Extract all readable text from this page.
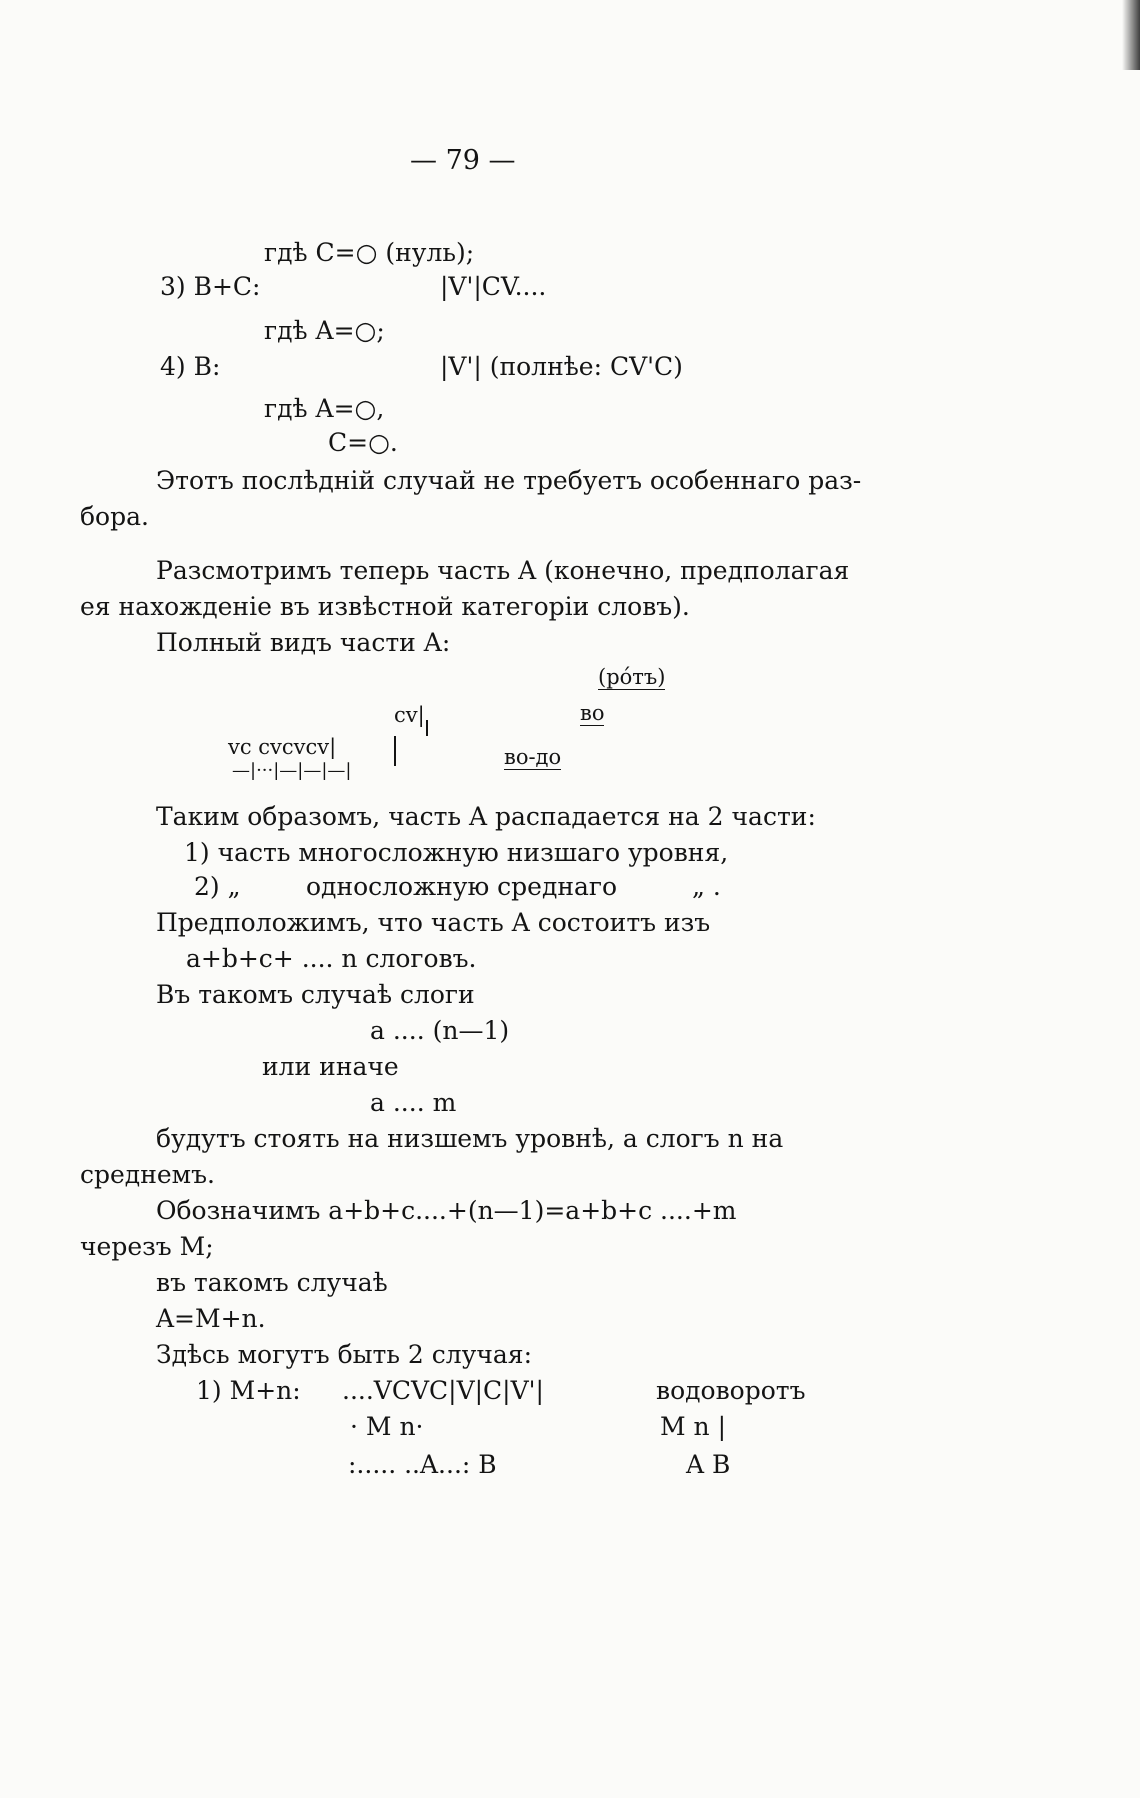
— 79 —
гдѣ C=○ (нуль);
3) B+C:	|V'|CV....
гдѣ A=○;
4) B:	|V'| (полнѣе: CV'C)
гдѣ A=○,
C=○.
Этотъ послѣдній случай не требуетъ особеннаго раз-
бора.
Разсмотримъ теперь часть A (конечно, предполагая
ея нахожденіе въ извѣстной категоріи словъ).
Полный видъ части A:
(ро́тъ)
во
cv|
vc cvcvcv|
—|···|—|—|—|
во-до
Таким образомъ, часть A распадается на 2 части:
1) часть многосложную низшаго уровня,
2) „	односложную среднаго	„ .
Предположимъ, что часть A состоитъ изъ
a+b+c+ .... n слоговъ.
Въ такомъ случаѣ слоги
a .... (n—1)
или иначе
a .... m
будутъ стоять на низшемъ уровнѣ, а слогъ n на
среднемъ.
Обозначимъ a+b+c....+(n—1)=a+b+c ....+m
черезъ M;
въ такомъ случаѣ
A=M+n.
Здѣсь могутъ быть 2 случая:
1) M+n: ....VCVC|V|C|V'|	водоворотъ
· M n·	M n |
:..... ..A...: B	A B
